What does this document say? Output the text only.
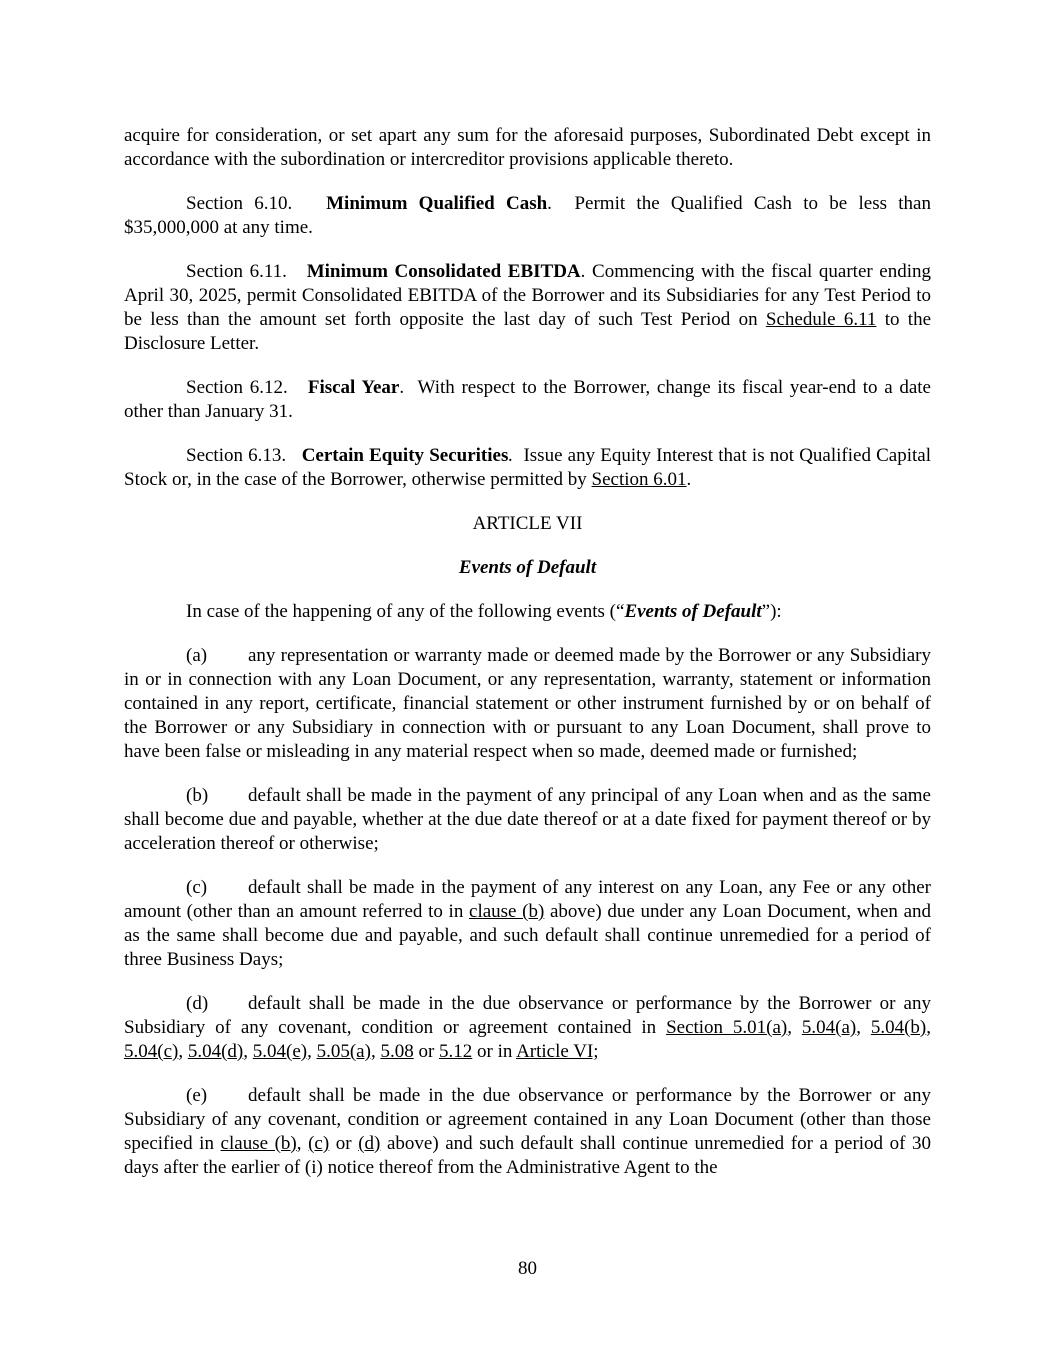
acquire for consideration, or set apart any sum for the aforesaid purposes, Subordinated Debt except in accordance with the subordination or intercreditor provisions applicable thereto.

Section 6.10. Minimum Qualified Cash.  Permit the Qualified Cash to be less than $35,000,000 at any time.

Section 6.11. Minimum Consolidated EBITDA. Commencing with the fiscal quarter ending April 30, 2025, permit Consolidated EBITDA of the Borrower and its Subsidiaries for any Test Period to be less than the amount set forth opposite the last day of such Test Period on Schedule 6.11 to the Disclosure Letter.

Section 6.12. Fiscal Year.  With respect to the Borrower, change its fiscal year-end to a date other than January 31.

Section 6.13. Certain Equity Securities. Issue any Equity Interest that is not Qualified Capital Stock or, in the case of the Borrower, otherwise permitted by Section 6.01.

ARTICLE VII

Events of Default

In case of the happening of any of the following events (“Events of Default”):

(a) any representation or warranty made or deemed made by the Borrower or any Subsidiary in or in connection with any Loan Document, or any representation, warranty, statement or information contained in any report, certificate, financial statement or other instrument furnished by or on behalf of the Borrower or any Subsidiary in connection with or pursuant to any Loan Document, shall prove to have been false or misleading in any material respect when so made, deemed made or furnished;

(b) default shall be made in the payment of any principal of any Loan when and as the same shall become due and payable, whether at the due date thereof or at a date fixed for payment thereof or by acceleration thereof or otherwise;

(c) default shall be made in the payment of any interest on any Loan, any Fee or any other amount (other than an amount referred to in clause (b) above) due under any Loan Document, when and as the same shall become due and payable, and such default shall continue unremedied for a period of three Business Days;

(d) default shall be made in the due observance or performance by the Borrower or any Subsidiary of any covenant, condition or agreement contained in Section 5.01(a), 5.04(a), 5.04(b), 5.04(c), 5.04(d), 5.04(e), 5.05(a), 5.08 or 5.12 or in Article VI;

(e) default shall be made in the due observance or performance by the Borrower or any Subsidiary of any covenant, condition or agreement contained in any Loan Document (other than those specified in clause (b), (c) or (d) above) and such default shall continue unremedied for a period of 30 days after the earlier of (i) notice thereof from the Administrative Agent to the

80
